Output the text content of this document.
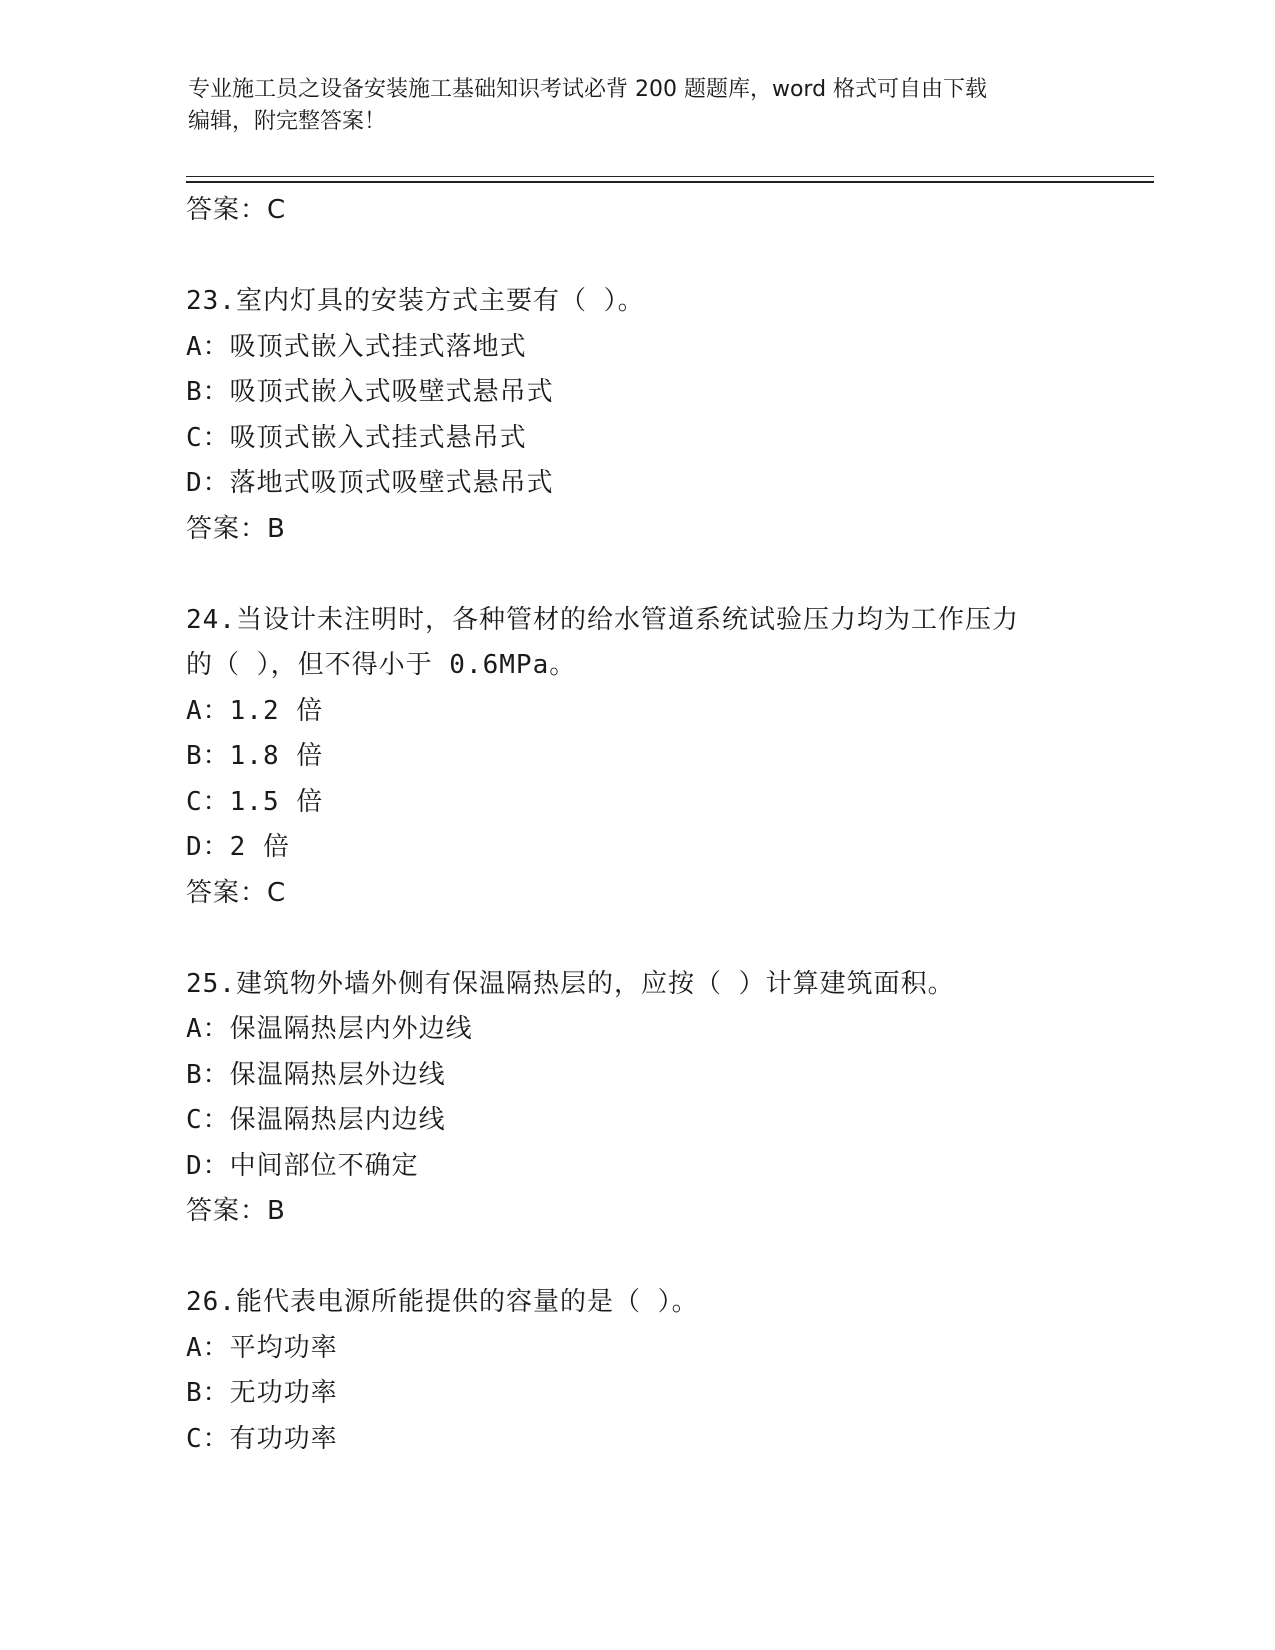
专业施工员之设备安装施工基础知识考试必背 200 题题库，word 格式可自由下载
编辑，附完整答案！
答案：C
23.室内灯具的安装方式主要有（ ）。
A：吸顶式嵌入式挂式落地式
B：吸顶式嵌入式吸壁式悬吊式
C：吸顶式嵌入式挂式悬吊式
D：落地式吸顶式吸壁式悬吊式
答案：B
24.当设计未注明时，各种管材的给水管道系统试验压力均为工作压力
的（ ），但不得小于 0.6MPa。
A：1.2 倍
B：1.8 倍
C：1.5 倍
D：2 倍
答案：C
25.建筑物外墙外侧有保温隔热层的，应按（ ）计算建筑面积。
A：保温隔热层内外边线
B：保温隔热层外边线
C：保温隔热层内边线
D：中间部位不确定
答案：B
26.能代表电源所能提供的容量的是（ ）。
A：平均功率
B：无功功率
C：有功功率
